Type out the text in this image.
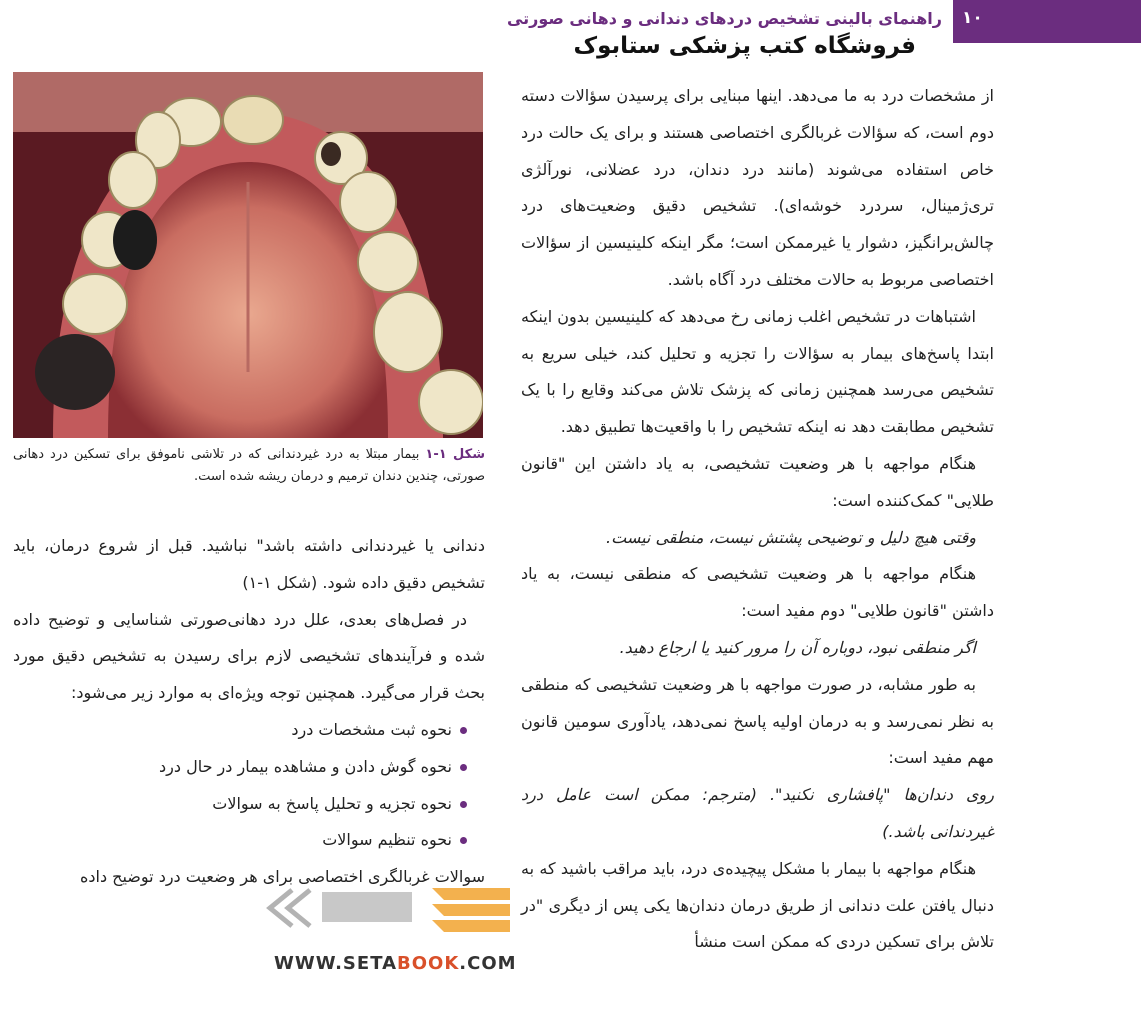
۱۰
راهنمای بالینی تشخیص دردهای دندانی و دهانی صورتی
فروشگاه کتب پزشکی ستابوک

از مشخصات درد به ما می‌دهد. اینها مبنایی برای پرسیدن سؤالات دسته دوم است، که سؤالات غربالگری اختصاصی هستند و برای یک حالت درد خاص استفاده می‌شوند (مانند درد دندان، درد عضلانی، نورآلژی تری‌ژمینال، سردرد خوشه‌ای). تشخیص دقیق وضعیت‌های درد چالش‌برانگیز، دشوار یا غیرممکن است؛ مگر اینکه کلینیسین از سؤالات اختصاصی مربوط به حالات مختلف درد آگاه باشد.

اشتباهات در تشخیص اغلب زمانی رخ می‌دهد که کلینیسین بدون اینکه ابتدا پاسخ‌های بیمار به سؤالات را تجزیه و تحلیل کند، خیلی سریع به تشخیص می‌رسد همچنین زمانی که پزشک تلاش می‌کند وقایع را با یک تشخیص مطابقت دهد نه اینکه تشخیص را با واقعیت‌ها تطبیق دهد.

هنگام مواجهه با هر وضعیت تشخیصی، به یاد داشتن این "قانون طلایی" کمک‌کننده است:

وقتی هیچ دلیل و توضیحی پشتش نیست، منطقی نیست.

هنگام مواجهه با هر وضعیت تشخیصی که منطقی نیست، به یاد داشتن "قانون طلایی" دوم مفید است:

اگر منطقی نبود، دوباره آن را مرور کنید یا ارجاع دهید.

به طور مشابه، در صورت مواجهه با هر وضعیت تشخیصی که منطقی به نظر نمی‌رسد و به درمان اولیه پاسخ نمی‌دهد، یادآوری سومین قانون مهم مفید است:

روی دندان‌ها "پافشاری نکنید". (مترجم: ممکن است عامل درد غیردندانی باشد.)

هنگام مواجهه با بیمار با مشکل پیچیده‌ی درد، باید مراقب باشید که به دنبال یافتن علت دندانی از طریق درمان دندان‌ها یکی پس از دیگری "در تلاش برای تسکین دردی که ممکن است منشأ

شکل ۱-۱ بیمار مبتلا به درد غیردندانی که در تلاشی ناموفق برای تسکین درد دهانی صورتی، چندین دندان ترمیم و درمان ریشه شده است.

دندانی یا غیردندانی داشته باشد" نباشید. قبل از شروع درمان، باید تشخیص دقیق داده شود. (شکل ۱-۱)

در فصل‌های بعدی، علل درد دهانی‌صورتی شناسایی و توضیح داده شده و فرآیندهای تشخیصی لازم برای رسیدن به تشخیص دقیق مورد بحث قرار می‌گیرد. همچنین توجه ویژه‌ای به موارد زیر می‌شود:

نحوه ثبت مشخصات درد
نحوه گوش دادن و مشاهده بیمار در حال درد
نحوه تجزیه و تحلیل پاسخ به سوالات
نحوه تنظیم سوالات

سوالات غربالگری اختصاصی برای هر وضعیت درد توضیح داده

WWW.SETABOOK.COM
